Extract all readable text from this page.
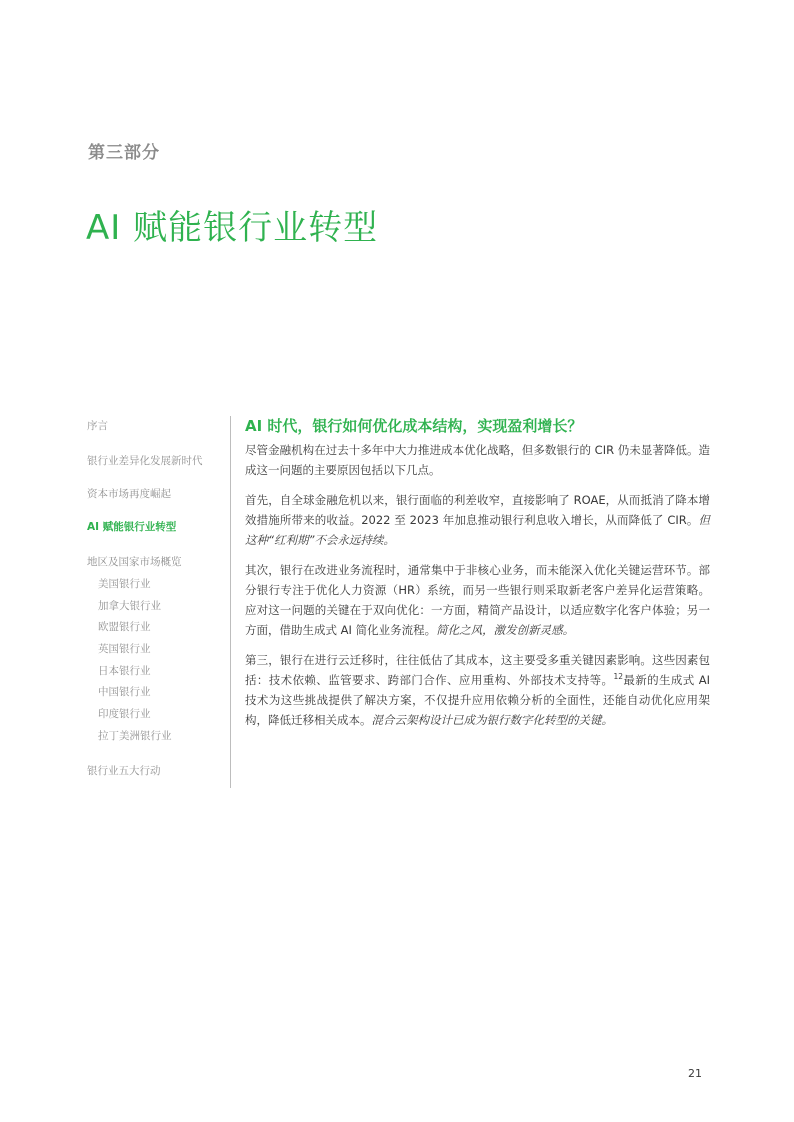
第三部分
AI 赋能银行业转型
序言
银行业差异化发展新时代
资本市场再度崛起
AI 赋能银行业转型
地区及国家市场概览
美国银行业
加拿大银行业
欧盟银行业
英国银行业
日本银行业
中国银行业
印度银行业
拉丁美洲银行业
银行业五大行动
AI 时代，银行如何优化成本结构，实现盈利增长？

尽管金融机构在过去十多年中大力推进成本优化战略，但多数银行的 CIR 仍未显著降低。造成这一问题的主要原因包括以下几点。

首先，自全球金融危机以来，银行面临的利差收窄，直接影响了 ROAE，从而抵消了降本增效措施所带来的收益。2022 至 2023 年加息推动银行利息收入增长，从而降低了 CIR。但这种“红利期”不会永远持续。

其次，银行在改进业务流程时，通常集中于非核心业务，而未能深入优化关键运营环节。部分银行专注于优化人力资源（HR）系统，而另一些银行则采取新老客户差异化运营策略。应对这一问题的关键在于双向优化：一方面，精简产品设计，以适应数字化客户体验；另一方面，借助生成式 AI 简化业务流程。简化之风，激发创新灵感。

第三，银行在进行云迁移时，往往低估了其成本，这主要受多重关键因素影响。这些因素包括：技术依赖、监管要求、跨部门合作、应用重构、外部技术支持等。$^{12}$最新的生成式 AI 技术为这些挑战提供了解决方案，不仅提升应用依赖分析的全面性，还能自动优化应用架构，降低迁移相关成本。混合云架构设计已成为银行数字化转型的关键。

21
